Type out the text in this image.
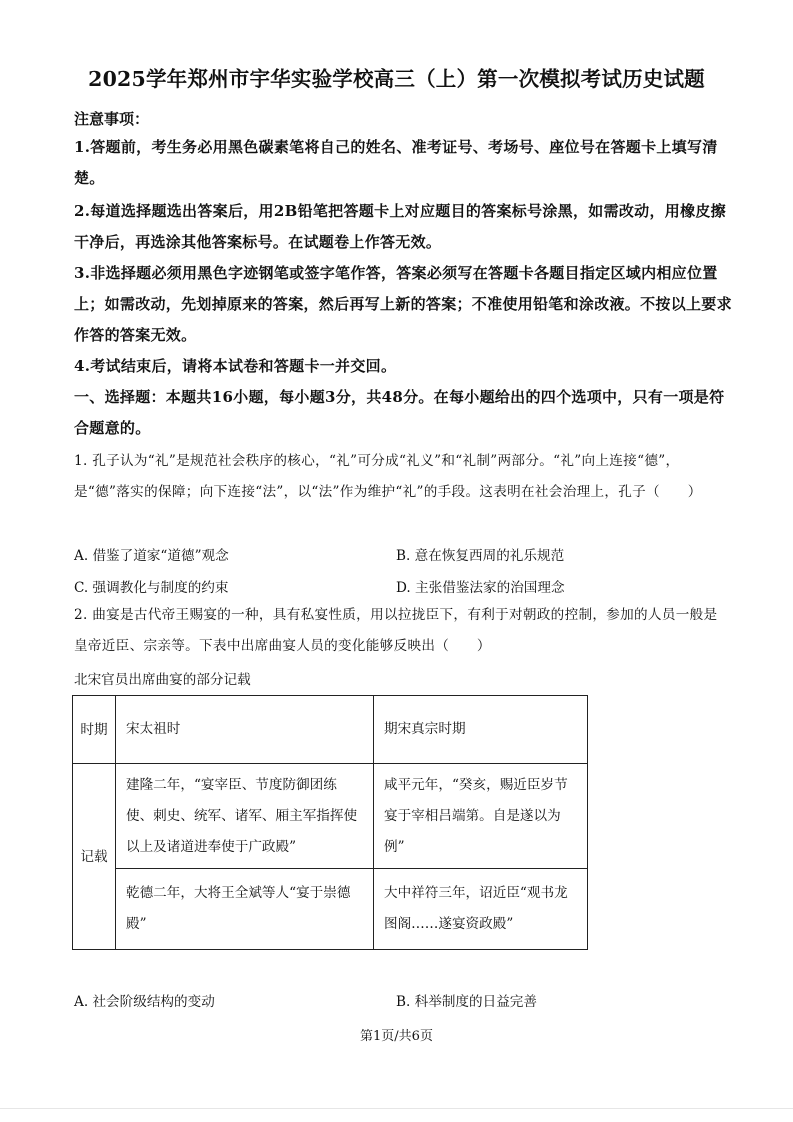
2025学年郑州市宇华实验学校高三（上）第一次模拟考试历史试题
注意事项：
1.答题前，考生务必用黑色碳素笔将自己的姓名、准考证号、考场号、座位号在答题卡上填写清楚。
2.每道选择题选出答案后，用2B铅笔把答题卡上对应题目的答案标号涂黑，如需改动，用橡皮擦干净后，再选涂其他答案标号。在试题卷上作答无效。
3.非选择题必须用黑色字迹钢笔或签字笔作答，答案必须写在答题卡各题目指定区域内相应位置上；如需改动，先划掉原来的答案，然后再写上新的答案；不准使用铅笔和涂改液。不按以上要求作答的答案无效。
4.考试结束后，请将本试卷和答题卡一并交回。
一、选择题：本题共16小题，每小题3分，共48分。在每小题给出的四个选项中，只有一项是符合题意的。
1. 孔子认为“礼”是规范社会秩序的核心，“礼”可分成“礼义”和“礼制”两部分。“礼”向上连接“德”，是“德”落实的保障；向下连接“法”，以“法”作为维护“礼”的手段。这表明在社会治理上，孔子（　　）
A. 借鉴了道家“道德”观念	B. 意在恢复西周的礼乐规范
C. 强调教化与制度的约束	D. 主张借鉴法家的治国理念
2. 曲宴是古代帝王赐宴的一种，具有私宴性质，用以拉拢臣下，有利于对朝政的控制，参加的人员一般是皇帝近臣、宗亲等。下表中出席曲宴人员的变化能够反映出（　　）
北宋官员出席曲宴的部分记载
时期	宋太祖时	期宋真宗时期
记载	建隆二年，“宴宰臣、节度防御团练使、刺史、统军、诸军、厢主军指挥使以上及诸道进奉使于广政殿”	咸平元年，“癸亥，赐近臣岁节宴于宰相吕端第。自是遂以为例”
	乾德二年，大将王全斌等人“宴于崇德殿”	大中祥符三年，诏近臣“观书龙图阁……遂宴资政殿”
A. 社会阶级结构的变动	B. 科举制度的日益完善
第1页/共6页
